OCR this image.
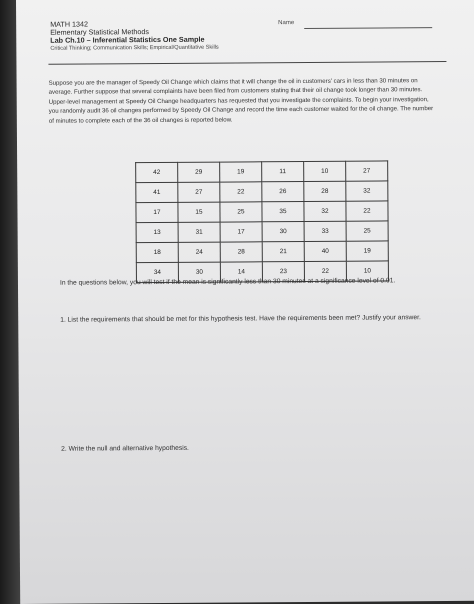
MATH 1342
Elementary Statistical Methods
Lab Ch.10 – Inferential Statistics One Sample
Critical Thinking; Communication Skills; Empirical/Quantitative Skills
Name
Suppose you are the manager of Speedy Oil Change which claims that it will change the oil in customers' cars in less than 30 minutes on average. Further suppose that several complaints have been filed from customers stating that their oil change took longer than 30 minutes. Upper-level management at Speedy Oil Change headquarters has requested that you investigate the complaints. To begin your investigation, you randomly audit 36 oil changes performed by Speedy Oil Change and record the time each customer waited for the oil change. The number of minutes to complete each of the 36 oil changes is reported below.
42	29	19	11	10	27
41	27	22	26	28	32
17	15	25	35	32	22
13	31	17	30	33	25
18	24	28	21	40	19
34	30	14	23	22	10
In the questions below, you will test if the mean is significantly less than 30 minutes at a significance level of 0.01.
1. List the requirements that should be met for this hypothesis test. Have the requirements been met? Justify your answer.
2. Write the null and alternative hypothesis.
